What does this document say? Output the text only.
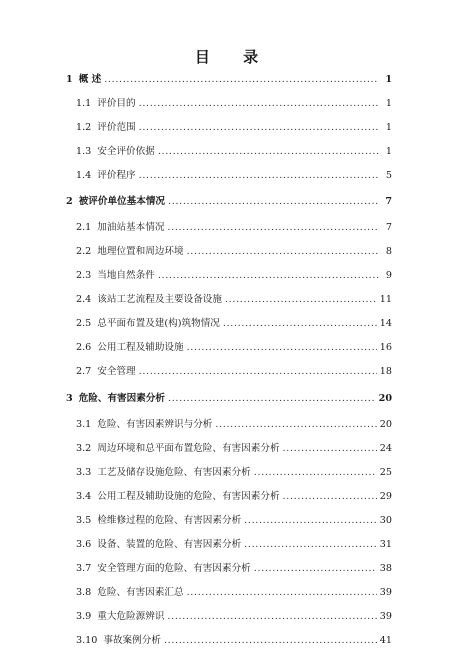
目 录
1 概 述 . . .	1
1.1 评价目的 . . .	1
1.2 评价范围 . . .	1
1.3 安全评价依据 . . .	1
1.4 评价程序 . . .	5
2 被评价单位基本情况 . . .	7
2.1 加油站基本情况 . . .	7
2.2 地理位置和周边环境 . . .	8
2.3 当地自然条件 . . .	9
2.4 该站工艺流程及主要设备设施 . . .	11
2.5 总平面布置及建(构)筑物情况 . . .	14
2.6 公用工程及辅助设施 . . .	16
2.7 安全管理 . . .	18
3 危险、有害因素分析 . . .	20
3.1 危险、有害因素辨识与分析 . . .	20
3.2 周边环境和总平面布置危险、有害因素分析 . . .	24
3.3 工艺及储存设施危险、有害因素分析 . . .	25
3.4 公用工程及辅助设施的危险、有害因素分析 . . .	29
3.5 检维修过程的危险、有害因素分析 . . .	30
3.6 设备、装置的危险、有害因素分析 . . .	31
3.7 安全管理方面的危险、有害因素分析 . . .	38
3.8 危险、有害因素汇总 . . .	39
3.9 重大危险源辨识 . . .	39
3.10 事故案例分析 . . .	41
